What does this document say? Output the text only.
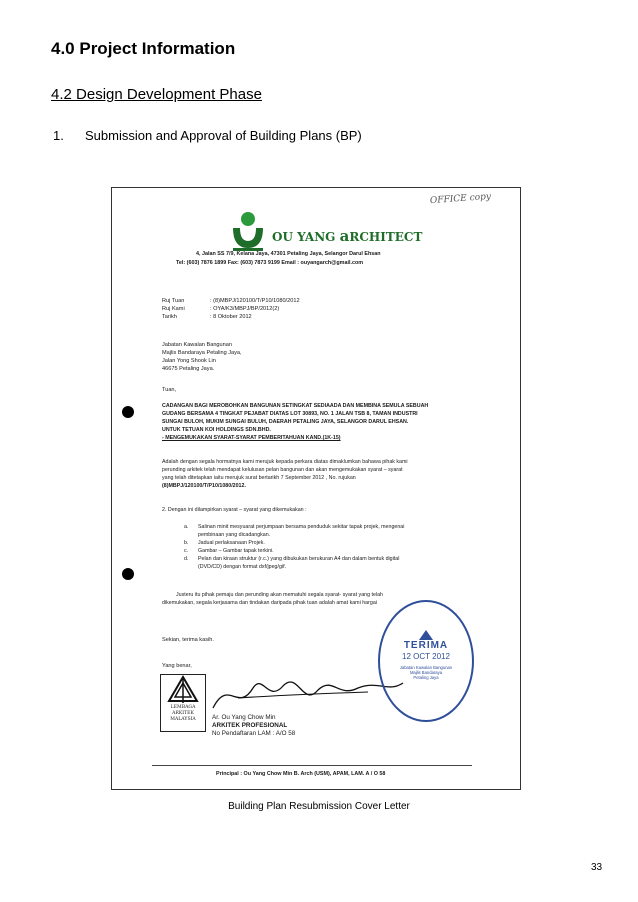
4.0 Project Information
4.2 Design Development Phase
1. Submission and Approval of Building Plans (BP)
OFFICE copy
OU YANG aRCHITECT
4, Jalan SS 7/9, Kelana Jaya, 47301 Petaling Jaya, Selangor Darul Ehsan
Tel: (603) 7876 1899 Fax: (603) 7873 9199 Email : ouyangarch@gmail.com
Ruj Tuan	: (8)MBPJ/120100/T/P10/1080/2012
Ruj Kami	: OYA/K3/MBPJ/BP/2012(2)
Tarikh	: 8 Oktober 2012
Jabatan Kawalan Bangunan
Majlis Bandaraya Petaling Jaya,
Jalan Yong Shook Lin
46675 Petaling Jaya.
Tuan,
CADANGAN BAGI MEROBOHKAN BANGUNAN SETINGKAT SEDIAADA DAN MEMBINA SEMULA SEBUAH
GUDANG BERSAMA 4 TINGKAT PEJABAT DIATAS LOT 30893, NO. 1 JALAN TSB 8, TAMAN INDUSTRI
SUNGAI BULOH, MUKIM SUNGAI BULUH, DAERAH PETALING JAYA, SELANGOR DARUL EHSAN.
UNTUK TETUAN KOI HOLDINGS SDN.BHD.
- MENGEMUKAKAN SYARAT-SYARAT PEMBERITAHUAN KAND.(1K-15)
Adalah dengan segala hormatnya kami merujuk kepada perkara diatas dimaklumkan bahawa pihak kami
perunding arkitek telah mendapat kelulusan pelan bangunan dan akan mengemukakan syarat – syarat
yang telah ditetapkan iaitu merujuk surat bertarikh 7 September 2012 , No. rujukan
(8)MBPJ/120100/T/P10/1080/2012.
2. Dengan ini dilampirkan syarat – syarat yang dikemukakan :
a. Salinan minit mesyuarat perjumpaan bersama penduduk sekitar tapak projek, mengenai
pembinaan yang dicadangkan.
b. Jadual perlaksanaan Projek.
c. Gambar – Gambar tapak terkini.
d. Pelan dan kiraan struktur (r.c.) yang dibukukan berukuran A4 dan dalam bentuk digital
(DVD/CD) dengan format dxf/jpeg/gif.
Justeru itu pihak pemaju dan perunding akan mematuhi segala syarat- syarat yang telah
dikemukakan, segala kerjasama dan tindakan daripada pihak tuan adalah amat kami hargai
Sekian, terima kasih.
Yang benar,
LEMBAGA
ARKITEK
MALAYSIA	Ar. Ou Yang Chow Min
ARKITEK PROFESIONAL
No Pendaftaran LAM : A/O 58
TERIMA
12 OCT 2012
Jabatan Kawalan Bangunan
Majlis Bandaraya
Petaling Jaya
Principal : Ou Yang Chow Min B. Arch (USM), APAM, LAM. A / O 58
Building Plan Resubmission Cover Letter
33
